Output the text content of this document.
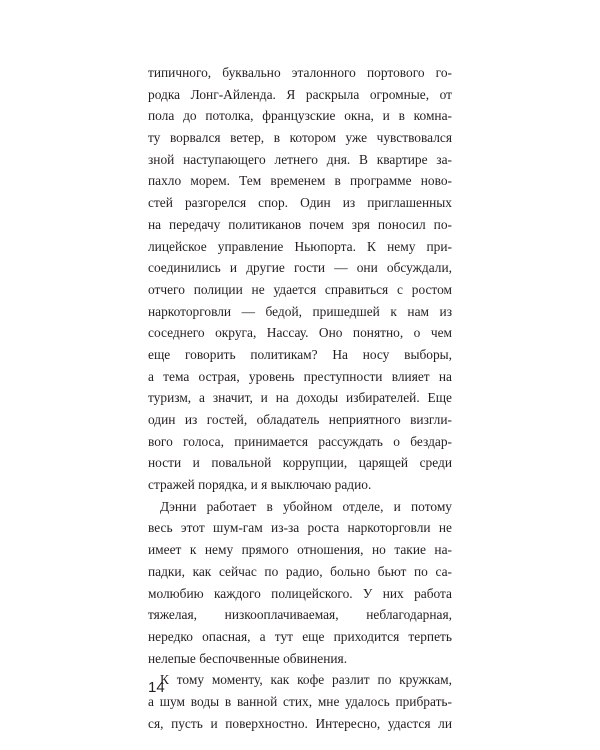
типичного, буквально эталонного портового го-
родка Лонг-Айленда. Я раскрыла огромные, от
пола до потолка, французские окна, и в комна-
ту ворвался ветер, в котором уже чувствовался
зной наступающего летнего дня. В квартире за-
пахло морем. Тем временем в программе ново-
стей разгорелся спор. Один из приглашенных
на передачу политиканов почем зря поносил по-
лицейское управление Ньюпорта. К нему при-
соединились и другие гости — они обсуждали,
отчего полиции не удается справиться с ростом
наркоторговли — бедой, пришедшей к нам из
соседнего округа, Нассау. Оно понятно, о чем
еще говорить политикам? На носу выборы,
а тема острая, уровень преступности влияет на
туризм, а значит, и на доходы избирателей. Еще
один из гостей, обладатель неприятного визгли-
вого голоса, принимается рассуждать о бездар-
ности и повальной коррупции, царящей среди
стражей порядка, и я выключаю радио.
Дэнни работает в убойном отделе, и потому
весь этот шум-гам из-за роста наркоторговли не
имеет к нему прямого отношения, но такие на-
падки, как сейчас по радио, больно бьют по са-
молюбию каждого полицейского. У них работа
тяжелая, низкооплачиваемая, неблагодарная,
нередко опасная, а тут еще приходится терпеть
нелепые беспочвенные обвинения.
К тому моменту, как кофе разлит по кружкам,
а шум воды в ванной стих, мне удалось прибрать-
ся, пусть и поверхностно. Интересно, удастся ли
14
